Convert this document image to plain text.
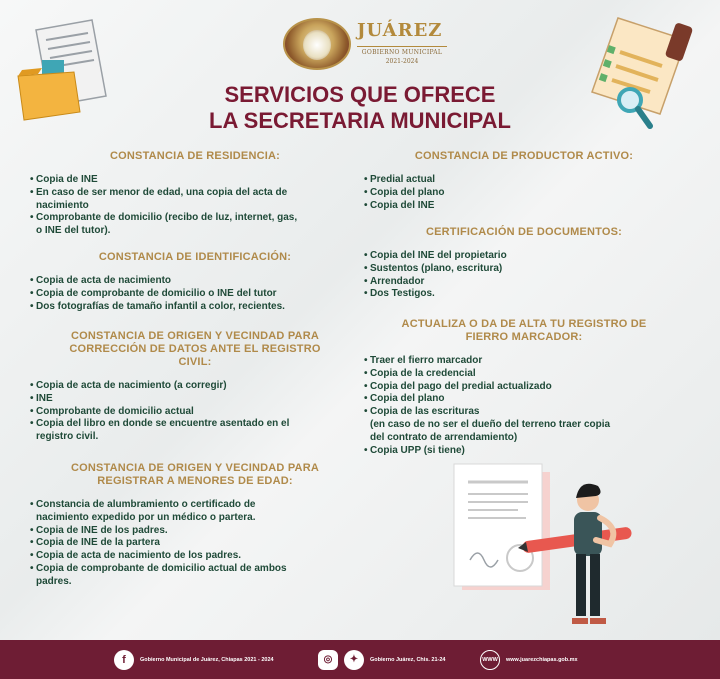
JUÁREZ
GOBIERNO MUNICIPAL
2021-2024
SERVICIOS QUE OFRECE
LA SECRETARIA MUNICIPAL
CONSTANCIA DE RESIDENCIA:
• Copia de INE
• En caso de ser menor de edad, una copia del acta de
nacimiento
• Comprobante de domicilio (recibo de luz, internet, gas,
o INE del tutor).
CONSTANCIA DE IDENTIFICACIÓN:
• Copia de acta de nacimiento
• Copia de comprobante de domicilio o INE del tutor
• Dos fotografías de tamaño infantil a color, recientes.
CONSTANCIA DE ORIGEN Y VECINDAD PARA
CORRECCIÓN DE DATOS ANTE EL REGISTRO
CIVIL:
• Copia de acta de nacimiento (a corregir)
• INE
• Comprobante de domicilio actual
• Copia del libro en donde se encuentre asentado en el
registro civil.
CONSTANCIA DE ORIGEN Y VECINDAD PARA
REGISTRAR A MENORES DE EDAD:
• Constancia de alumbramiento o certificado de
nacimiento expedido por un médico o partera.
• Copia de INE de los padres.
• Copia de INE de la partera
• Copia de acta de nacimiento de los padres.
• Copia de comprobante de domicilio actual de ambos
padres.
CONSTANCIA DE PRODUCTOR ACTIVO:
• Predial actual
• Copia del plano
• Copia del INE
CERTIFICACIÓN DE DOCUMENTOS:
• Copia del INE del propietario
• Sustentos (plano, escritura)
• Arrendador
• Dos Testigos.
ACTUALIZA O DA DE ALTA TU REGISTRO DE
FIERRO MARCADOR:
• Traer el fierro marcador
• Copia de la credencial
• Copia del pago del predial actualizado
• Copia del plano
• Copia de las escrituras
(en caso de no ser el dueño del terreno traer copia
del contrato de arrendamiento)
• Copia UPP (si tiene)
f	Gobierno Municipal de Juárez, Chiapas 2021 - 2024	◎	✦	Gobierno Juárez, Chis. 21-24	WWW	www.juarezchiapas.gob.mx
